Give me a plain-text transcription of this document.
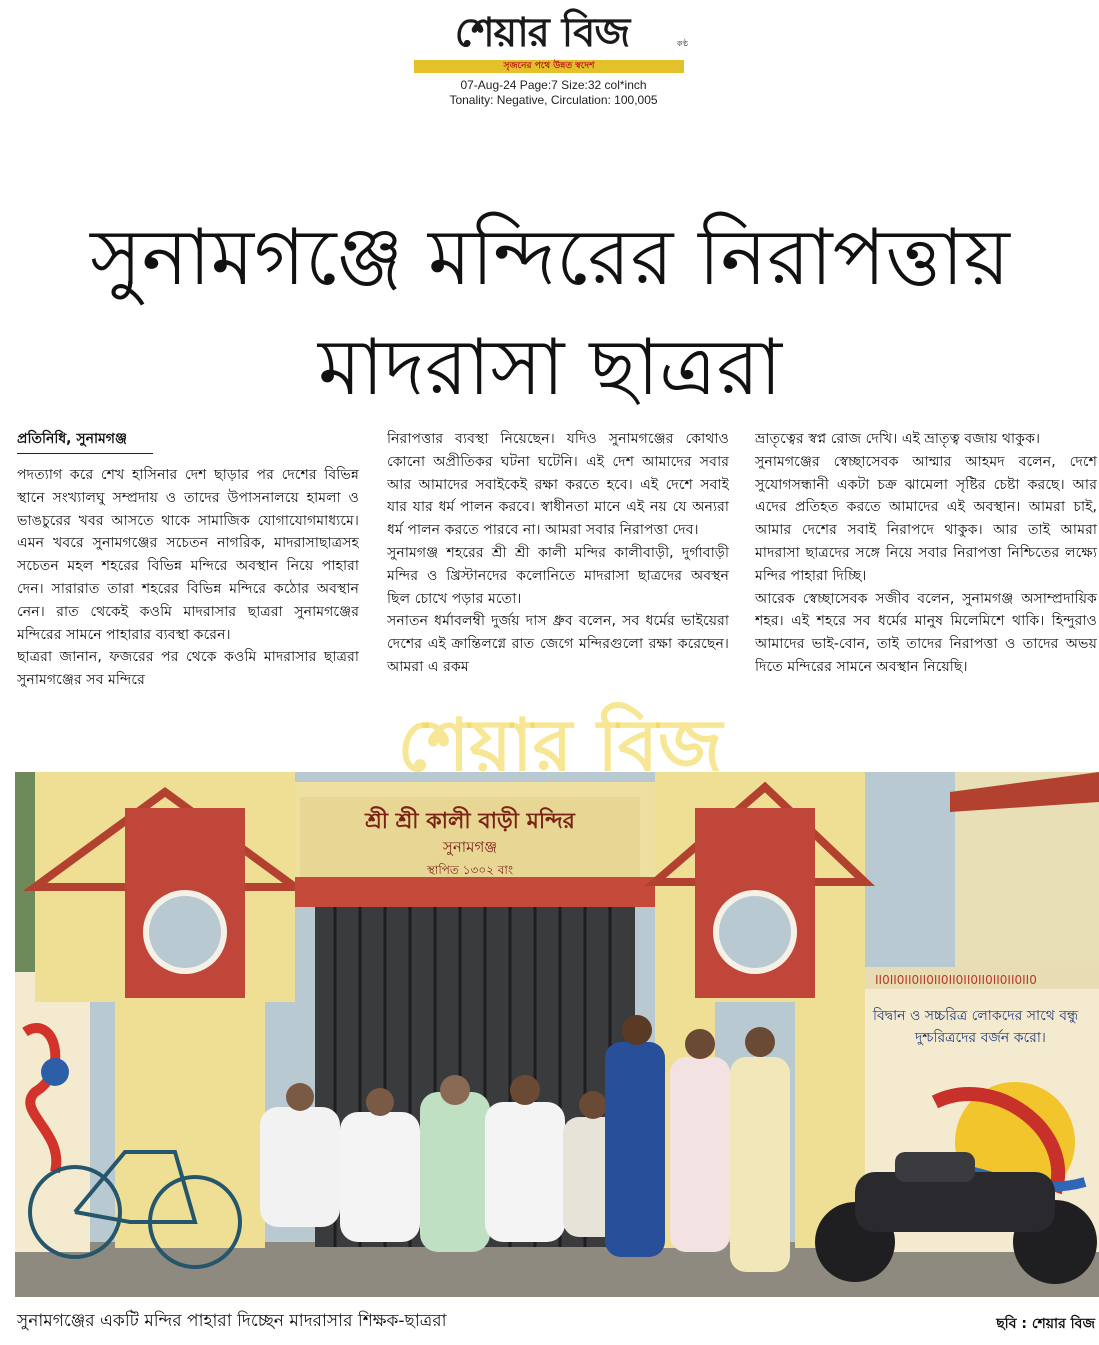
শেয়ার বিজ	কণ্ঠ
সৃজনের পথে উন্নত স্বদেশ
07-Aug-24 Page:7 Size:32 col*inch
Tonality: Negative, Circulation: 100,005
সুনামগঞ্জে মন্দিরের নিরাপত্তায়
মাদরাসা ছাত্ররা
প্রতিনিধি, সুনামগঞ্জ

পদত্যাগ করে শেখ হাসিনার দেশ ছাড়ার পর দেশের বিভিন্ন স্থানে সংখ্যালঘু সম্প্রদায় ও তাদের উপাসনালয়ে হামলা ও ভাঙচুরের খবর আসতে থাকে সামাজিক যোগাযোগমাধ্যমে। এমন খবরে সুনামগঞ্জের সচেতন নাগরিক, মাদরাসাছাত্রসহ সচেতন মহল শহরের বিভিন্ন মন্দিরে অবস্থান নিয়ে পাহারা দেন। সারারাত তারা শহরের বিভিন্ন মন্দিরে কঠোর অবস্থান নেন। রাত থেকেই কওমি মাদরাসার ছাত্ররা সুনামগঞ্জের মন্দিরের সামনে পাহারার ব্যবস্থা করেন।

ছাত্ররা জানান, ফজরের পর থেকে কওমি মাদরাসার ছাত্ররা সুনামগঞ্জের সব মন্দিরে

নিরাপত্তার ব্যবস্থা নিয়েছেন। যদিও সুনামগঞ্জের কোথাও কোনো অপ্রীতিকর ঘটনা ঘটেনি। এই দেশ আমাদের সবার আর আমাদের সবাইকেই রক্ষা করতে হবে। এই দেশে সবাই যার যার ধর্ম পালন করবে। স্বাধীনতা মানে এই নয় যে অন্যরা ধর্ম পালন করতে পারবে না। আমরা সবার নিরাপত্তা দেব।

সুনামগঞ্জ শহরের শ্রী শ্রী কালী মন্দির কালীবাড়ী, দুর্গাবাড়ী মন্দির ও খ্রিস্টানদের কলোনিতে মাদরাসা ছাত্রদের অবস্থন ছিল চোখে পড়ার মতো।

সনাতন ধর্মাবলম্বী দুর্জয় দাস ধ্রুব বলেন, সব ধর্মের ভাইয়েরা দেশের এই ক্রান্তিলগ্নে রাত জেগে মন্দিরগুলো রক্ষা করেছেন। আমরা এ রকম

ভ্রাতৃত্বের স্বপ্ন রোজ দেখি। এই ভ্রাতৃত্ব বজায় থাকুক।

সুনামগঞ্জের স্বেচ্ছাসেবক আম্মার আহমদ বলেন, দেশে সুযোগসন্ধানী একটা চক্র ঝামেলা সৃষ্টির চেষ্টা করছে। আর এদের প্রতিহত করতে আমাদের এই অবস্থান। আমরা চাই, আমার দেশের সবাই নিরাপদে থাকুক। আর তাই আমরা মাদরাসা ছাত্রদের সঙ্গে নিয়ে সবার নিরাপত্তা নিশ্চিতের লক্ষ্যে মন্দির পাহারা দিচ্ছি।

আরেক স্বেচ্ছাসেবক সজীব বলেন, সুনামগঞ্জ অসাম্প্রদায়িক শহর। এই শহরে সব ধর্মের মানুষ মিলেমিশে থাকি। হিন্দুরাও আমাদের ভাই-বোন, তাই তাদের নিরাপত্তা ও তাদের অভয় দিতে মন্দিরের সামনে অবস্থান নিয়েছি।

শ্রী শ্রী কালী বাড়ী মন্দির
সুনামগঞ্জ
স্থাপিত ১৩০২ বাং
II0II0II0II0II0II0II0II0II0II0II0
বিদ্বান ও সচ্চরিত্র লোকদের সাথে বন্ধু
দুশ্চরিত্রদের বর্জন করো।
শেয়ার বিজ
সুনামগঞ্জের একটি মন্দির পাহারা দিচ্ছেন মাদরাসার শিক্ষক-ছাত্ররা	ছবি : শেয়ার বিজ
